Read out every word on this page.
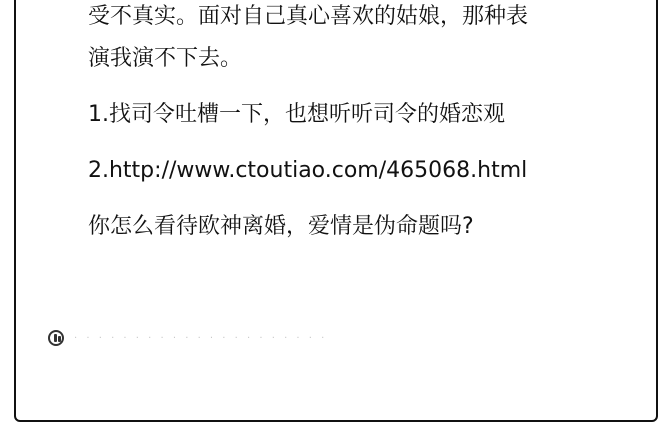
受不真实。面对自己真心喜欢的姑娘，那种表

演我演不下去。

1.找司令吐槽一下，也想听听司令的婚恋观

2.http://www.ctoutiao.com/465068.html

你怎么看待欧神离婚，爱情是伪命题吗?

· · · · · · · · · · · · · · · · · · · · ·
